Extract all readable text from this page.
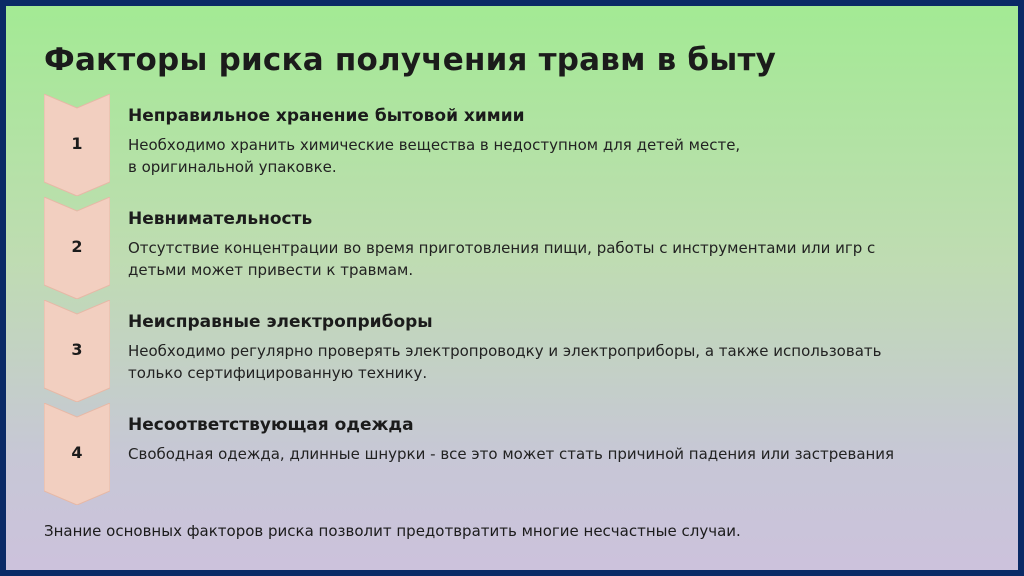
Факторы риска получения травм в быту
1
Неправильное хранение бытовой химии
Необходимо хранить химические вещества в недоступном для детей месте,
в оригинальной упаковке.
2
Невнимательность
Отсутствие концентрации во время приготовления пищи, работы с инструментами или игр с
детьми может привести к травмам.
3
Неисправные электроприборы
Необходимо регулярно проверять электропроводку и электроприборы, а также использовать
только сертифицированную технику.
4
Несоответствующая одежда
Свободная одежда, длинные шнурки - все это может стать причиной падения или застревания
Знание основных факторов риска позволит предотвратить многие несчастные случаи.
